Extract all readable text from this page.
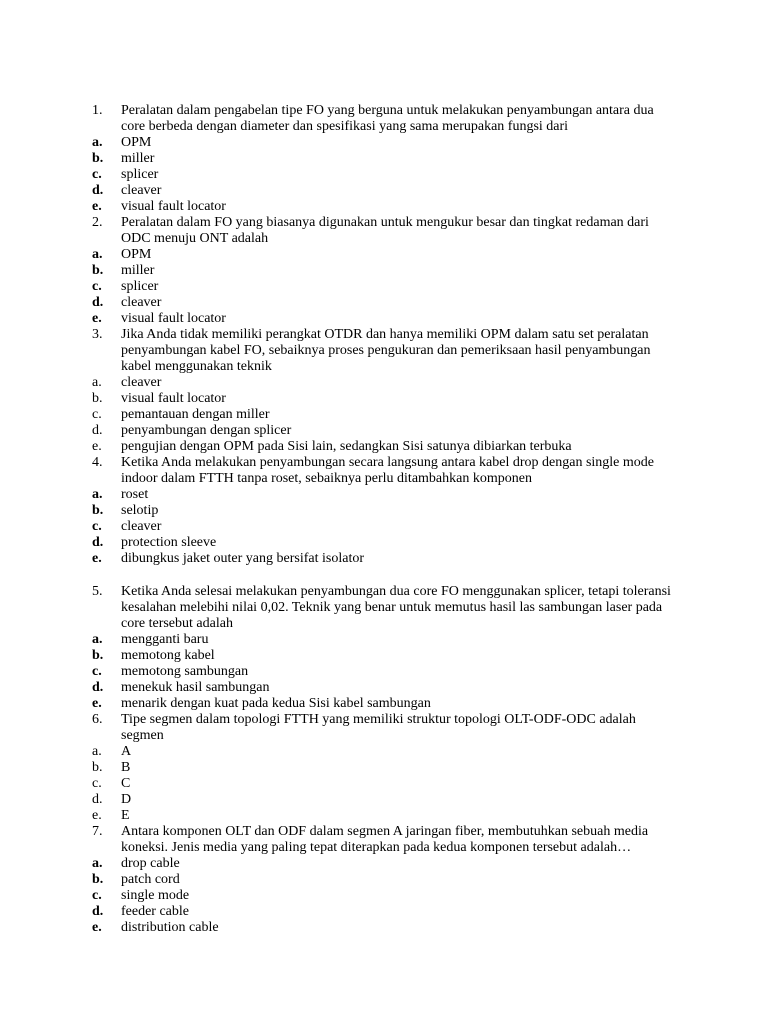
1. Peralatan dalam pengabelan tipe FO yang berguna untuk melakukan penyambungan antara dua core berbeda dengan diameter dan spesifikasi yang sama merupakan fungsi dari
a. OPM
b. miller
c. splicer
d. cleaver
e. visual fault locator
2. Peralatan dalam FO yang biasanya digunakan untuk mengukur besar dan tingkat redaman dari ODC menuju ONT adalah
a. OPM
b. miller
c. splicer
d. cleaver
e. visual fault locator
3. Jika Anda tidak memiliki perangkat OTDR dan hanya memiliki OPM dalam satu set peralatan penyambungan kabel FO, sebaiknya proses pengukuran dan pemeriksaan hasil penyambungan kabel menggunakan teknik
a. cleaver
b. visual fault locator
c. pemantauan dengan miller
d. penyambungan dengan splicer
e. pengujian dengan OPM pada Sisi lain, sedangkan Sisi satunya dibiarkan terbuka
4. Ketika Anda melakukan penyambungan secara langsung antara kabel drop dengan single mode indoor dalam FTTH tanpa roset, sebaiknya perlu ditambahkan komponen
a. roset
b. selotip
c. cleaver
d. protection sleeve
e. dibungkus jaket outer yang bersifat isolator
5. Ketika Anda selesai melakukan penyambungan dua core FO menggunakan splicer, tetapi toleransi kesalahan melebihi nilai 0,02. Teknik yang benar untuk memutus hasil las sambungan laser pada core tersebut adalah
a. mengganti baru
b. memotong kabel
c. memotong sambungan
d. menekuk hasil sambungan
e. menarik dengan kuat pada kedua Sisi kabel sambungan
6. Tipe segmen dalam topologi FTTH yang memiliki struktur topologi OLT-ODF-ODC adalah segmen
a. A
b. B
c. C
d. D
e. E
7. Antara komponen OLT dan ODF dalam segmen A jaringan fiber, membutuhkan sebuah media koneksi. Jenis media yang paling tepat diterapkan pada kedua komponen tersebut adalah…
a. drop cable
b. patch cord
c. single mode
d. feeder cable
e. distribution cable
